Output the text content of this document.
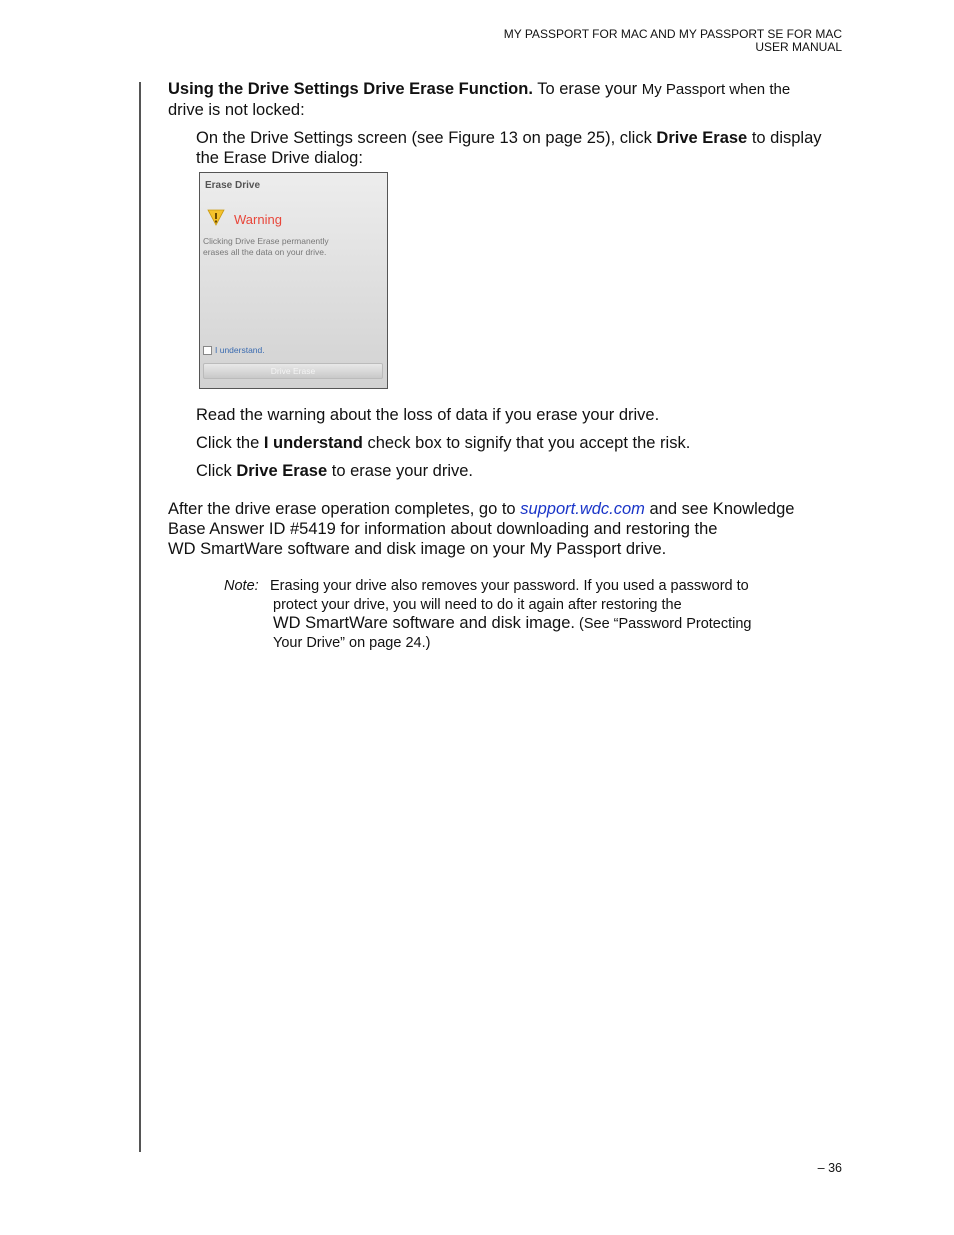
MY PASSPORT FOR MAC AND MY PASSPORT SE FOR MAC
USER MANUAL

Using the Drive Settings Drive Erase Function. To erase your My Passport when the
drive is not locked:

On the Drive Settings screen (see Figure 13 on page 25), click Drive Erase to display
the Erase Drive dialog:

Erase Drive
Warning
Clicking Drive Erase permanently
erases all the data on your drive.
I understand.
Drive Erase

Read the warning about the loss of data if you erase your drive.

Click the I understand check box to signify that you accept the risk.

Click Drive Erase to erase your drive.

After the drive erase operation completes, go to support.wdc.com and see Knowledge
Base Answer ID #5419 for information about downloading and restoring the
WD SmartWare software and disk image on your My Passport drive.

Note: Erasing your drive also removes your password. If you used a password to
protect your drive, you will need to do it again after restoring the
WD SmartWare software and disk image. (See “Password Protecting
Your Drive” on page 24.)
– 36
